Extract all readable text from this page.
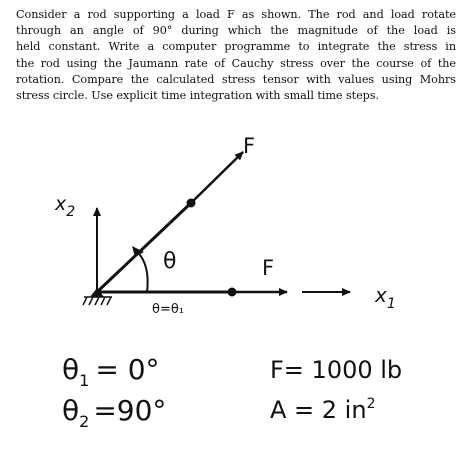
Consider a rod supporting a load F as shown. The rod and load rotate
through an angle of 90° during which the magnitude of the load is
held constant. Write a computer programme to integrate the stress in
the rod using the Jaumann rate of Cauchy stress over the course of the
rotation. Compare the calculated stress tensor with values using Mohrs
stress circle. Use explicit time integration with small time steps.
F
F
$x_2$
$x_1$
θ
θ=θ₁
$\theta_1 = 0^\circ$
$\theta_2 =90^\circ$
F= 1000 lb
A = 2 $in^2$
